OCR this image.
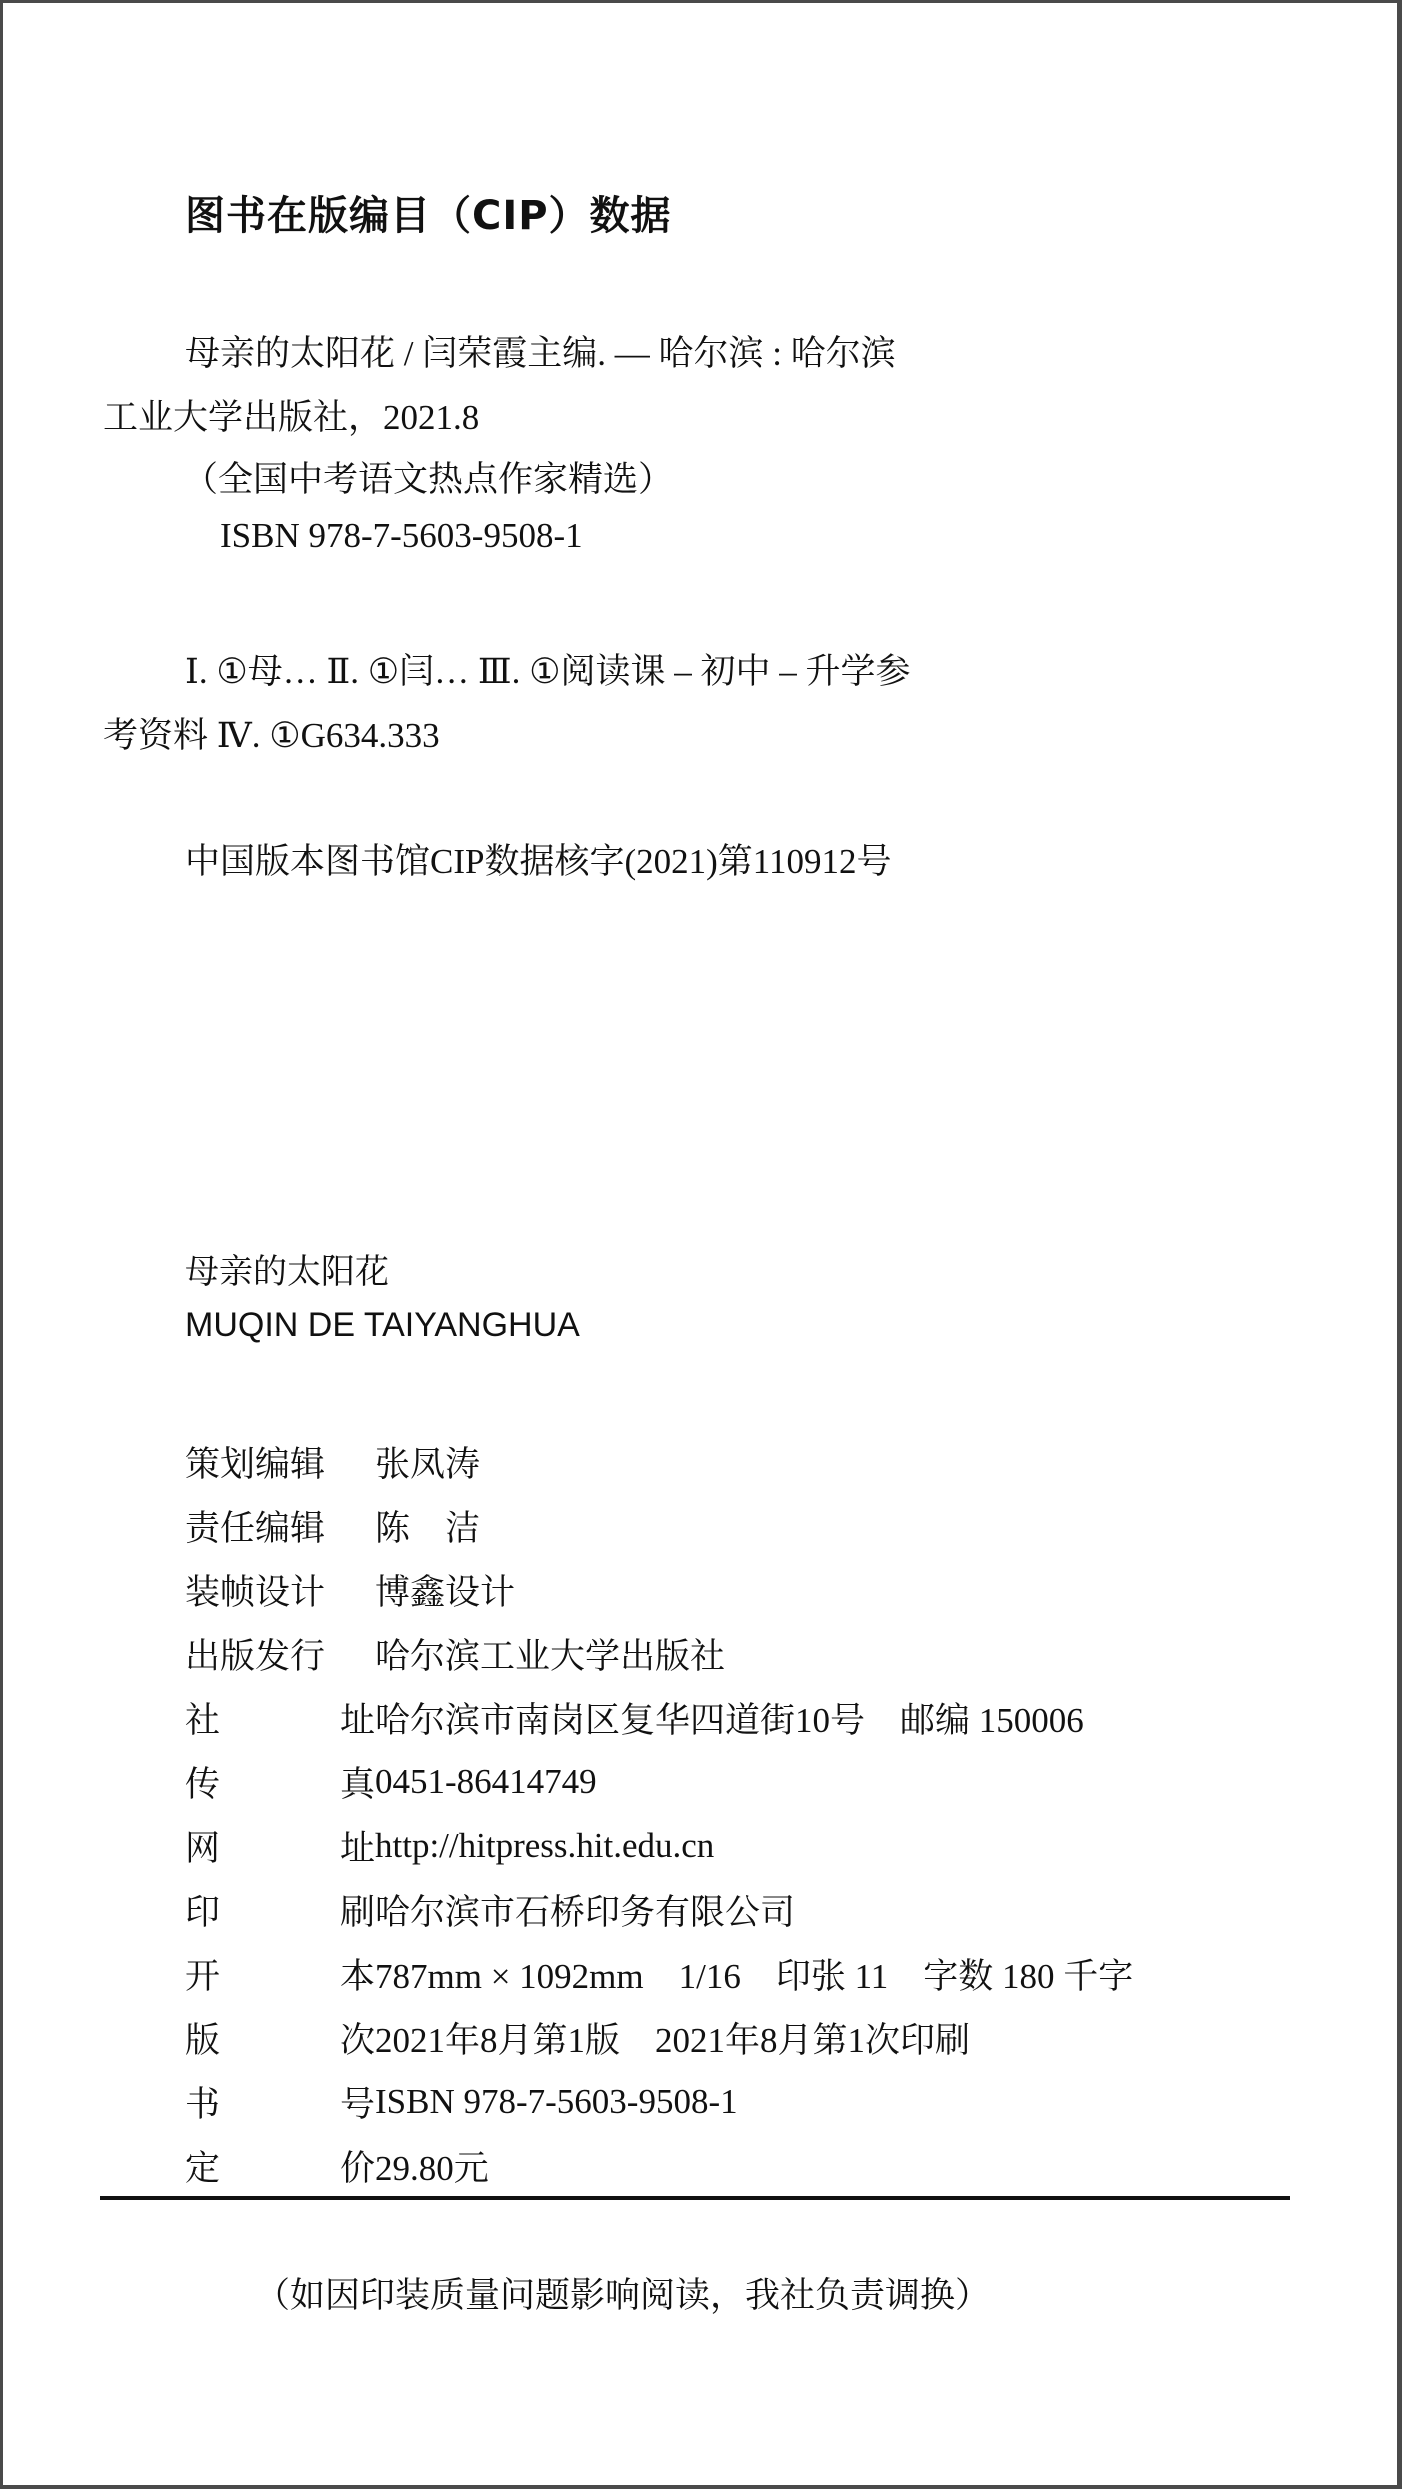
图书在版编目（CIP）数据
母亲的太阳花 / 闫荣霞主编. — 哈尔滨 : 哈尔滨
工业大学出版社，2021.8
（全国中考语文热点作家精选）
ISBN 978-7-5603-9508-1
Ⅰ. ①母… Ⅱ. ①闫… Ⅲ. ①阅读课 – 初中 – 升学参
考资料 Ⅳ. ①G634.333
中国版本图书馆CIP数据核字(2021)第110912号
母亲的太阳花
MUQIN DE TAIYANGHUA
策划编辑 张凤涛
责任编辑 陈　洁
装帧设计 博鑫设计
出版发行 哈尔滨工业大学出版社
社	址 哈尔滨市南岗区复华四道街10号　邮编 150006
传	真 0451-86414749
网	址 http://hitpress.hit.edu.cn
印	刷 哈尔滨市石桥印务有限公司
开	本 787mm × 1092mm　1/16　印张 11　字数 180 千字
版	次 2021年8月第1版　2021年8月第1次印刷
书	号 ISBN 978-7-5603-9508-1
定	价 29.80元
（如因印装质量问题影响阅读，我社负责调换）
